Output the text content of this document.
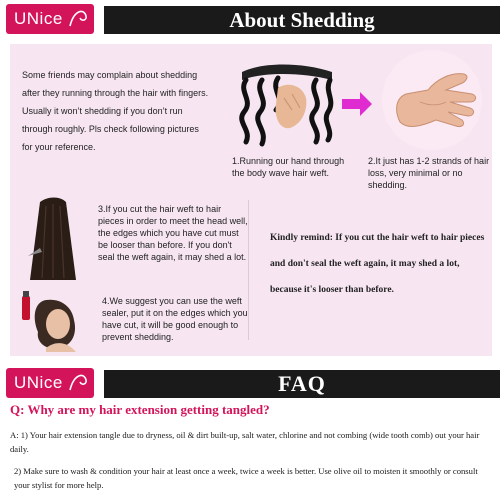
UNice	About Shedding
Some friends may complain about shedding
after they running through the hair with fingers.
Usually it won’t shedding if you don’t run
through roughly. Pls check following pictures
for your reference.
1.Running our hand through the body wave hair weft.
2.It just has 1-2 strands of hair loss, very minimal or no shedding.
3.If you cut the hair weft to hair pieces in order to meet the head well, the edges which you have cut must be looser than before. If you don't seal the weft again, it may shed a lot.
4.We suggest you can use the weft sealer, put it on the edges which you have cut, it will be good enough to prevent shedding.
Kindly remind: If you cut the hair weft to hair pieces and don't seal the weft again, it may shed a lot, because it's looser than before.
UNice	FAQ
Q: Why are my hair extension getting tangled?
A: 1) Your hair extension tangle due to dryness, oil & dirt built-up, salt water, chlorine and not combing (wide tooth comb) out your hair daily.
2) Make sure to wash & condition your hair at least once a week, twice a week is better. Use olive oil to moisten it smoothly or consult your stylist for more help.
